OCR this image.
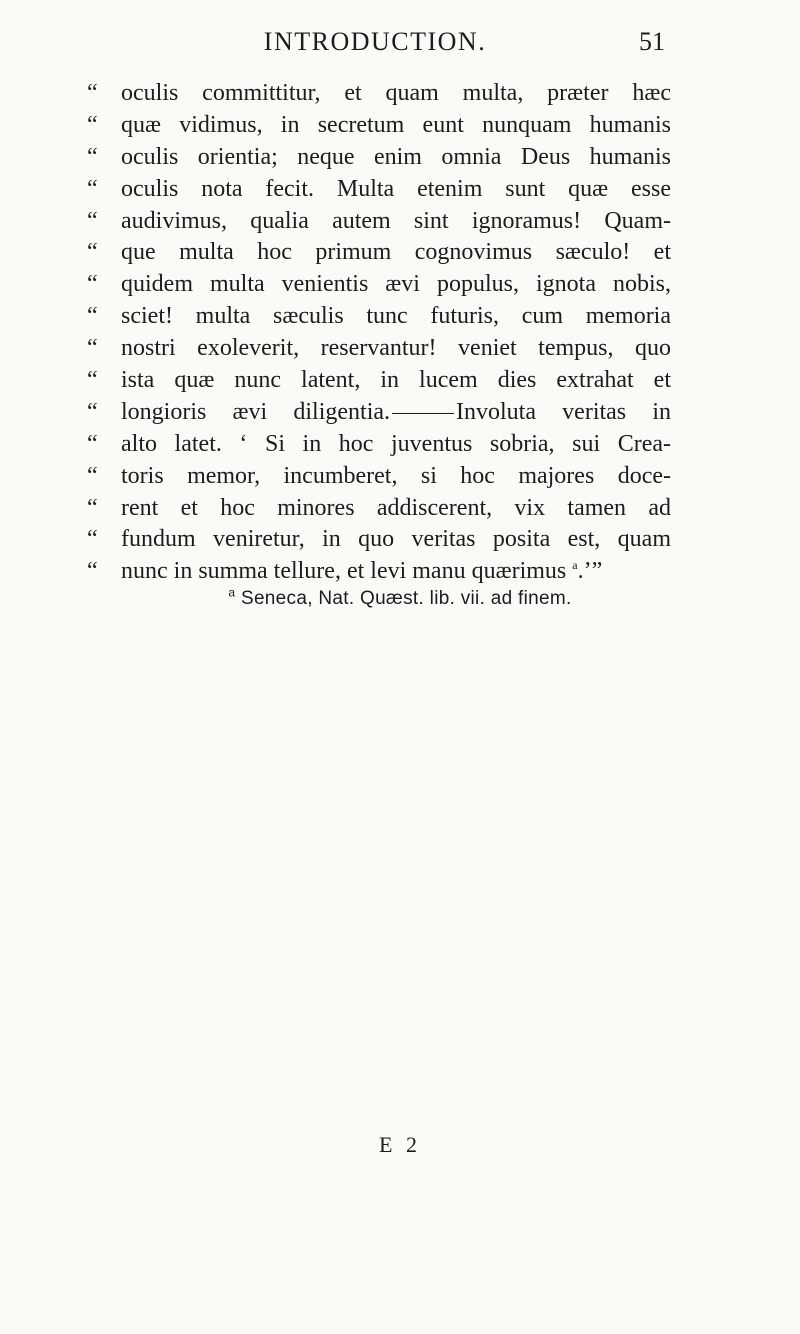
INTRODUCTION.	51
“ oculis committitur, et quam multa, præter hæc
“ quæ vidimus, in secretum eunt nunquam humanis
“ oculis orientia; neque enim omnia Deus humanis
“ oculis nota fecit. Multa etenim sunt quæ esse
“ audivimus, qualia autem sint ignoramus! Quam-
“ que multa hoc primum cognovimus sæculo! et
“ quidem multa venientis ævi populus, ignota nobis,
“ sciet! multa sæculis tunc futuris, cum memoria
“ nostri exoleverit, reservantur! veniet tempus, quo
“ ista quæ nunc latent, in lucem dies extrahat et
“ longioris ævi diligentia.	Involuta veritas in
“ alto latet. ‘ Si in hoc juventus sobria, sui Crea-
“ toris memor, incumberet, si hoc majores doce-
“ rent et hoc minores addiscerent, vix tamen ad
“ fundum veniretur, in quo veritas posita est, quam
“ nunc in summa tellure, et levi manu quærimus $^a$.’”
$^a$ Seneca, Nat. Quæst. lib. vii. ad finem.
E 2
